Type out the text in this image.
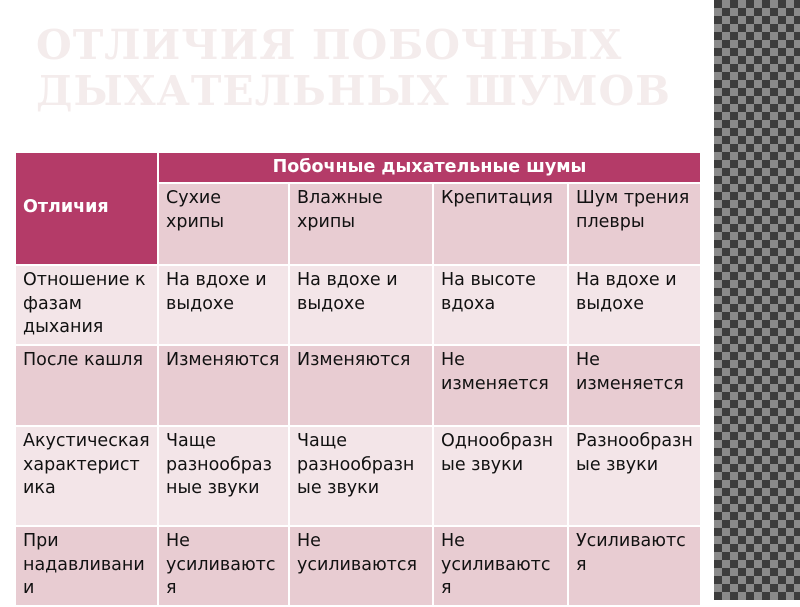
ОТЛИЧИЯ ПОБОЧНЫХ
ДЫХАТЕЛЬНЫХ ШУМОВ
Отличия	Побочные дыхательные шумы			
	Сухие хрипы	Влажные хрипы	Крепитация	Шум трения плевры
Отношение к фазам дыхания	На вдохе и выдохе	На вдохе и выдохе	На высоте вдоха	На вдохе и выдохе
После кашля	Изменяются	Изменяются	Не изменяется	Не изменяется
Акустическая характеристика	Чаще разнообразные звуки	Чаще разнообразные звуки	Однообразные звуки	Разнообразные звуки
При надавливании	Не усиливаются	Не усиливаются	Не усиливаются	Усиливаются
